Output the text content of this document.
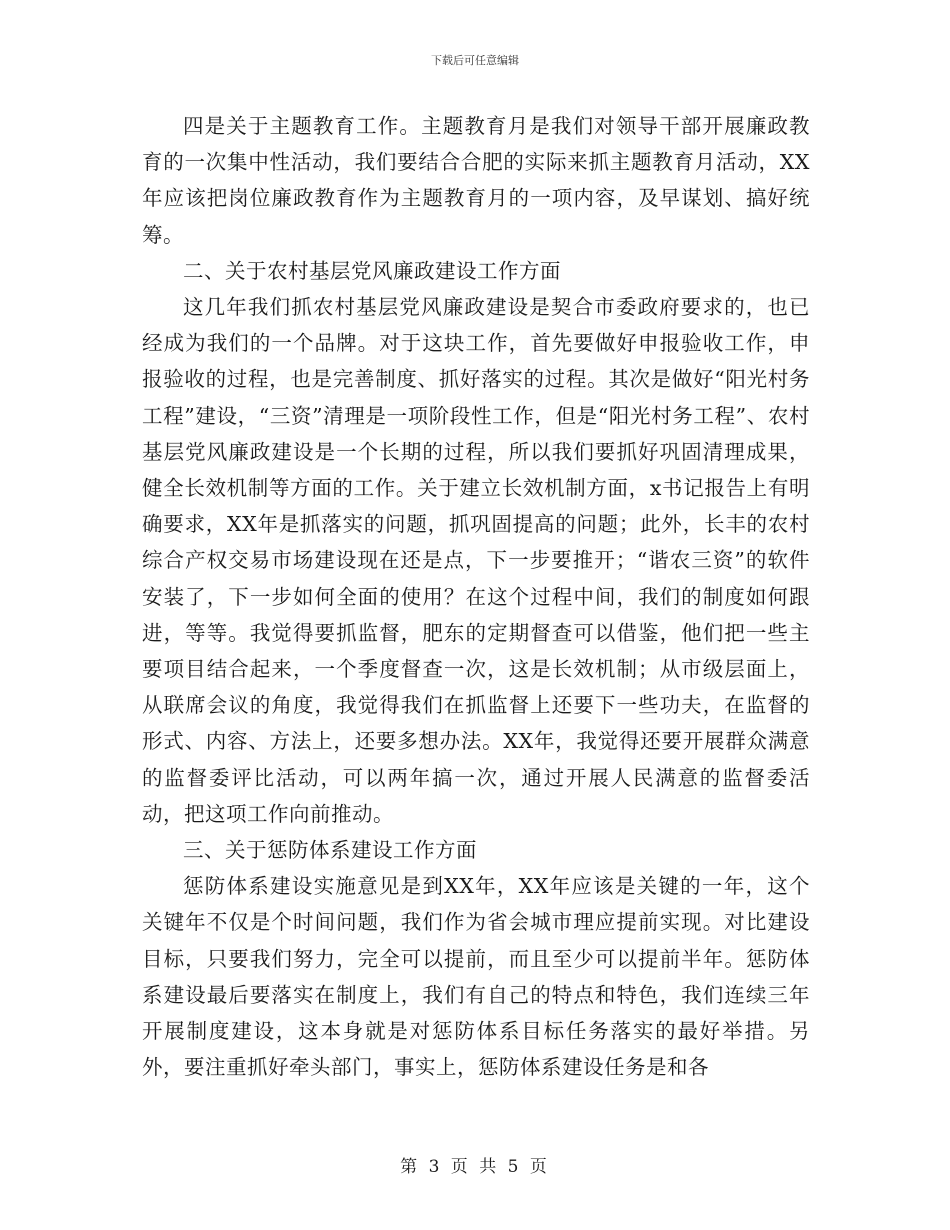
下载后可任意编辑

四是关于主题教育工作。主题教育月是我们对领导干部开展廉政教育的一次集中性活动，我们要结合合肥的实际来抓主题教育月活动，XX年应该把岗位廉政教育作为主题教育月的一项内容，及早谋划、搞好统筹。

二、关于农村基层党风廉政建设工作方面

这几年我们抓农村基层党风廉政建设是契合市委政府要求的，也已经成为我们的一个品牌。对于这块工作，首先要做好申报验收工作，申报验收的过程，也是完善制度、抓好落实的过程。其次是做好“阳光村务工程”建设，“三资”清理是一项阶段性工作，但是“阳光村务工程”、农村基层党风廉政建设是一个长期的过程，所以我们要抓好巩固清理成果，健全长效机制等方面的工作。关于建立长效机制方面，x书记报告上有明确要求，XX年是抓落实的问题，抓巩固提高的问题；此外，长丰的农村综合产权交易市场建设现在还是点，下一步要推开；“谐农三资”的软件安装了，下一步如何全面的使用？在这个过程中间，我们的制度如何跟进，等等。我觉得要抓监督，肥东的定期督查可以借鉴，他们把一些主要项目结合起来，一个季度督查一次，这是长效机制；从市级层面上，从联席会议的角度，我觉得我们在抓监督上还要下一些功夫，在监督的形式、内容、方法上，还要多想办法。XX年，我觉得还要开展群众满意的监督委评比活动，可以两年搞一次，通过开展人民满意的监督委活动，把这项工作向前推动。

三、关于惩防体系建设工作方面

惩防体系建设实施意见是到XX年，XX年应该是关键的一年，这个关键年不仅是个时间问题，我们作为省会城市理应提前实现。对比建设目标，只要我们努力，完全可以提前，而且至少可以提前半年。惩防体系建设最后要落实在制度上，我们有自己的特点和特色，我们连续三年开展制度建设，这本身就是对惩防体系目标任务落实的最好举措。另外，要注重抓好牵头部门，事实上，惩防体系建设任务是和各

第 3 页 共 5 页
